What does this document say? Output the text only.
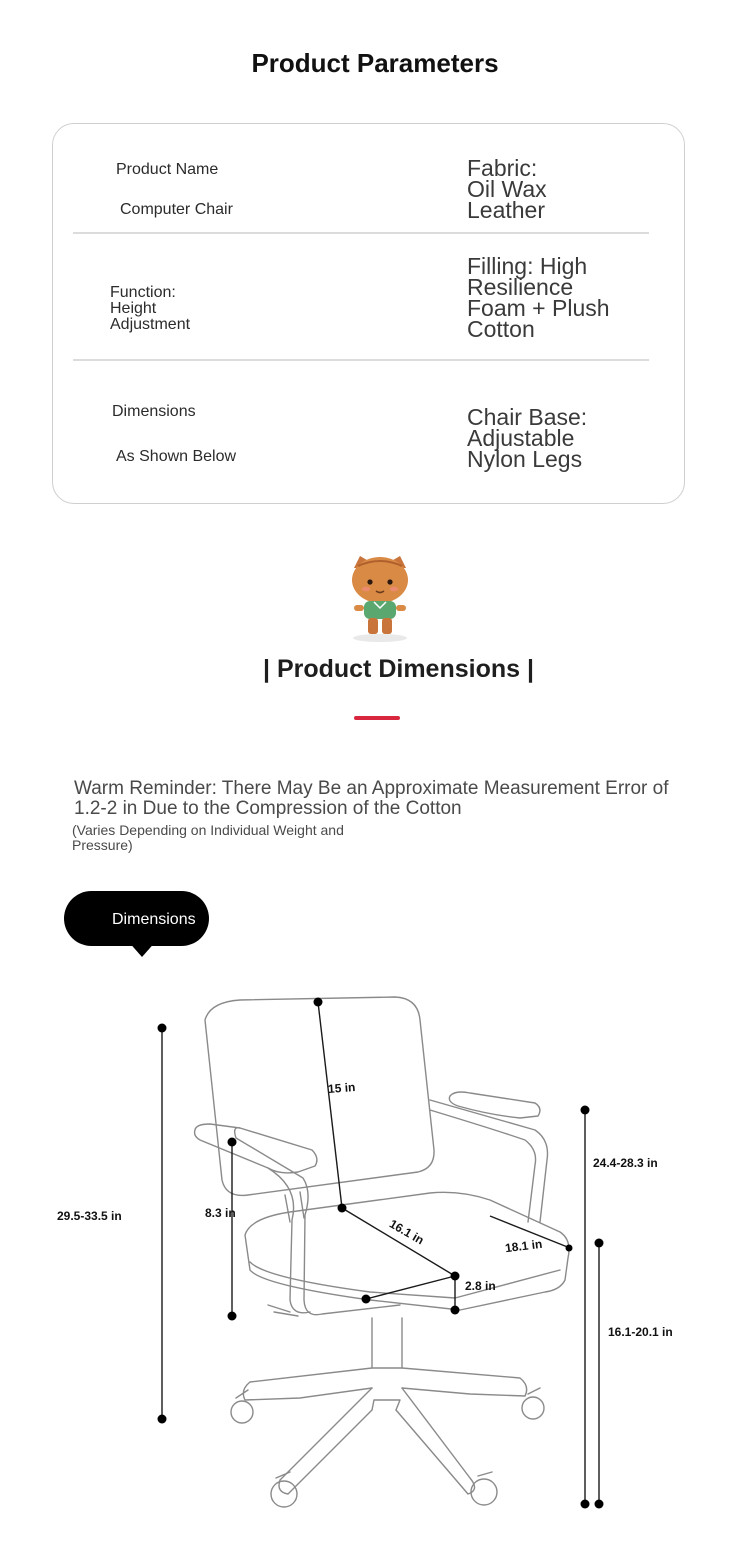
Product Parameters
Product Name
Computer Chair
Fabric: Oil Wax Leather
Function: Height Adjustment
Filling: High Resilience Foam + Plush Cotton
Dimensions
As Shown Below
Chair Base: Adjustable Nylon Legs
| Product Dimensions |
Warm Reminder: There May Be an Approximate Measurement Error of 1.2-2 in Due to the Compression of the Cotton
(Varies Depending on Individual Weight and Pressure)
Dimensions
29.5-33.5 in
15 in
8.3 in
16.1 in	18.1 in
2.8 in
24.4-28.3 in
16.1-20.1 in
